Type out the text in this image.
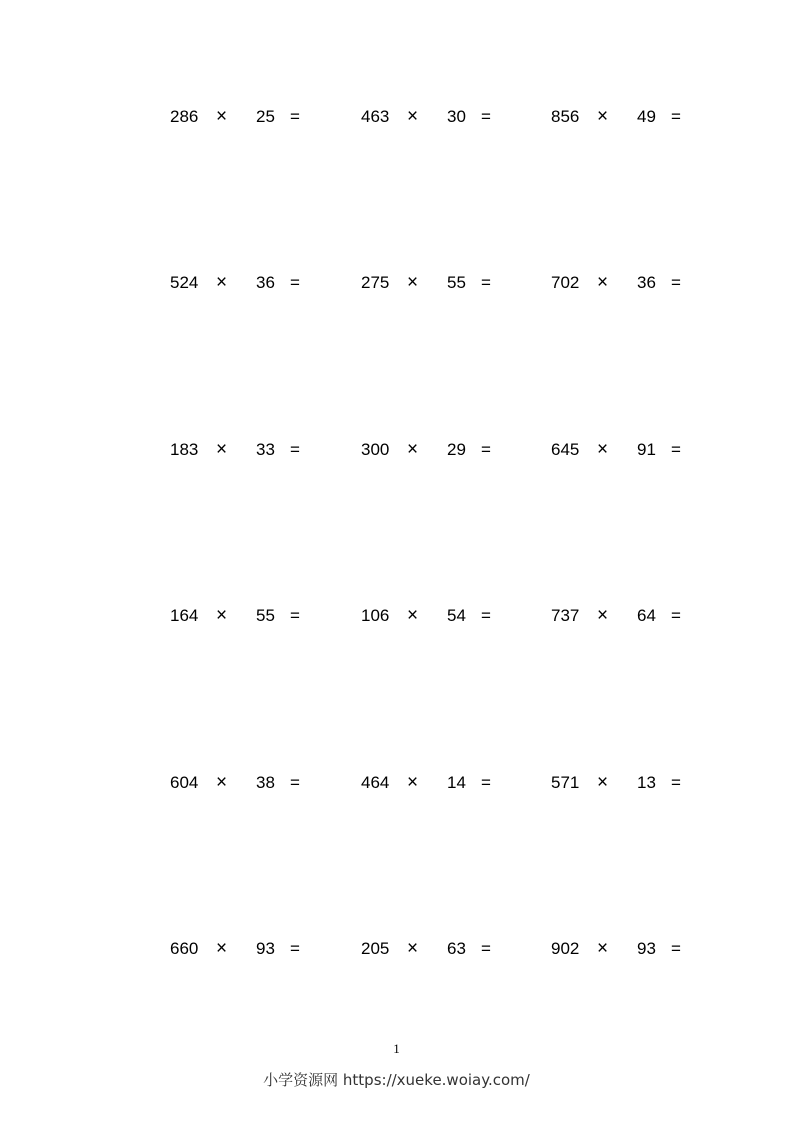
286 × 25 =	463 × 30 =	856 × 49 =
524 × 36 =	275 × 55 =	702 × 36 =
183 × 33 =	300 × 29 =	645 × 91 =
164 × 55 =	106 × 54 =	737 × 64 =
604 × 38 =	464 × 14 =	571 × 13 =
660 × 93 =	205 × 63 =	902 × 93 =
1
小学资源网 https://xueke.woiay.com/
